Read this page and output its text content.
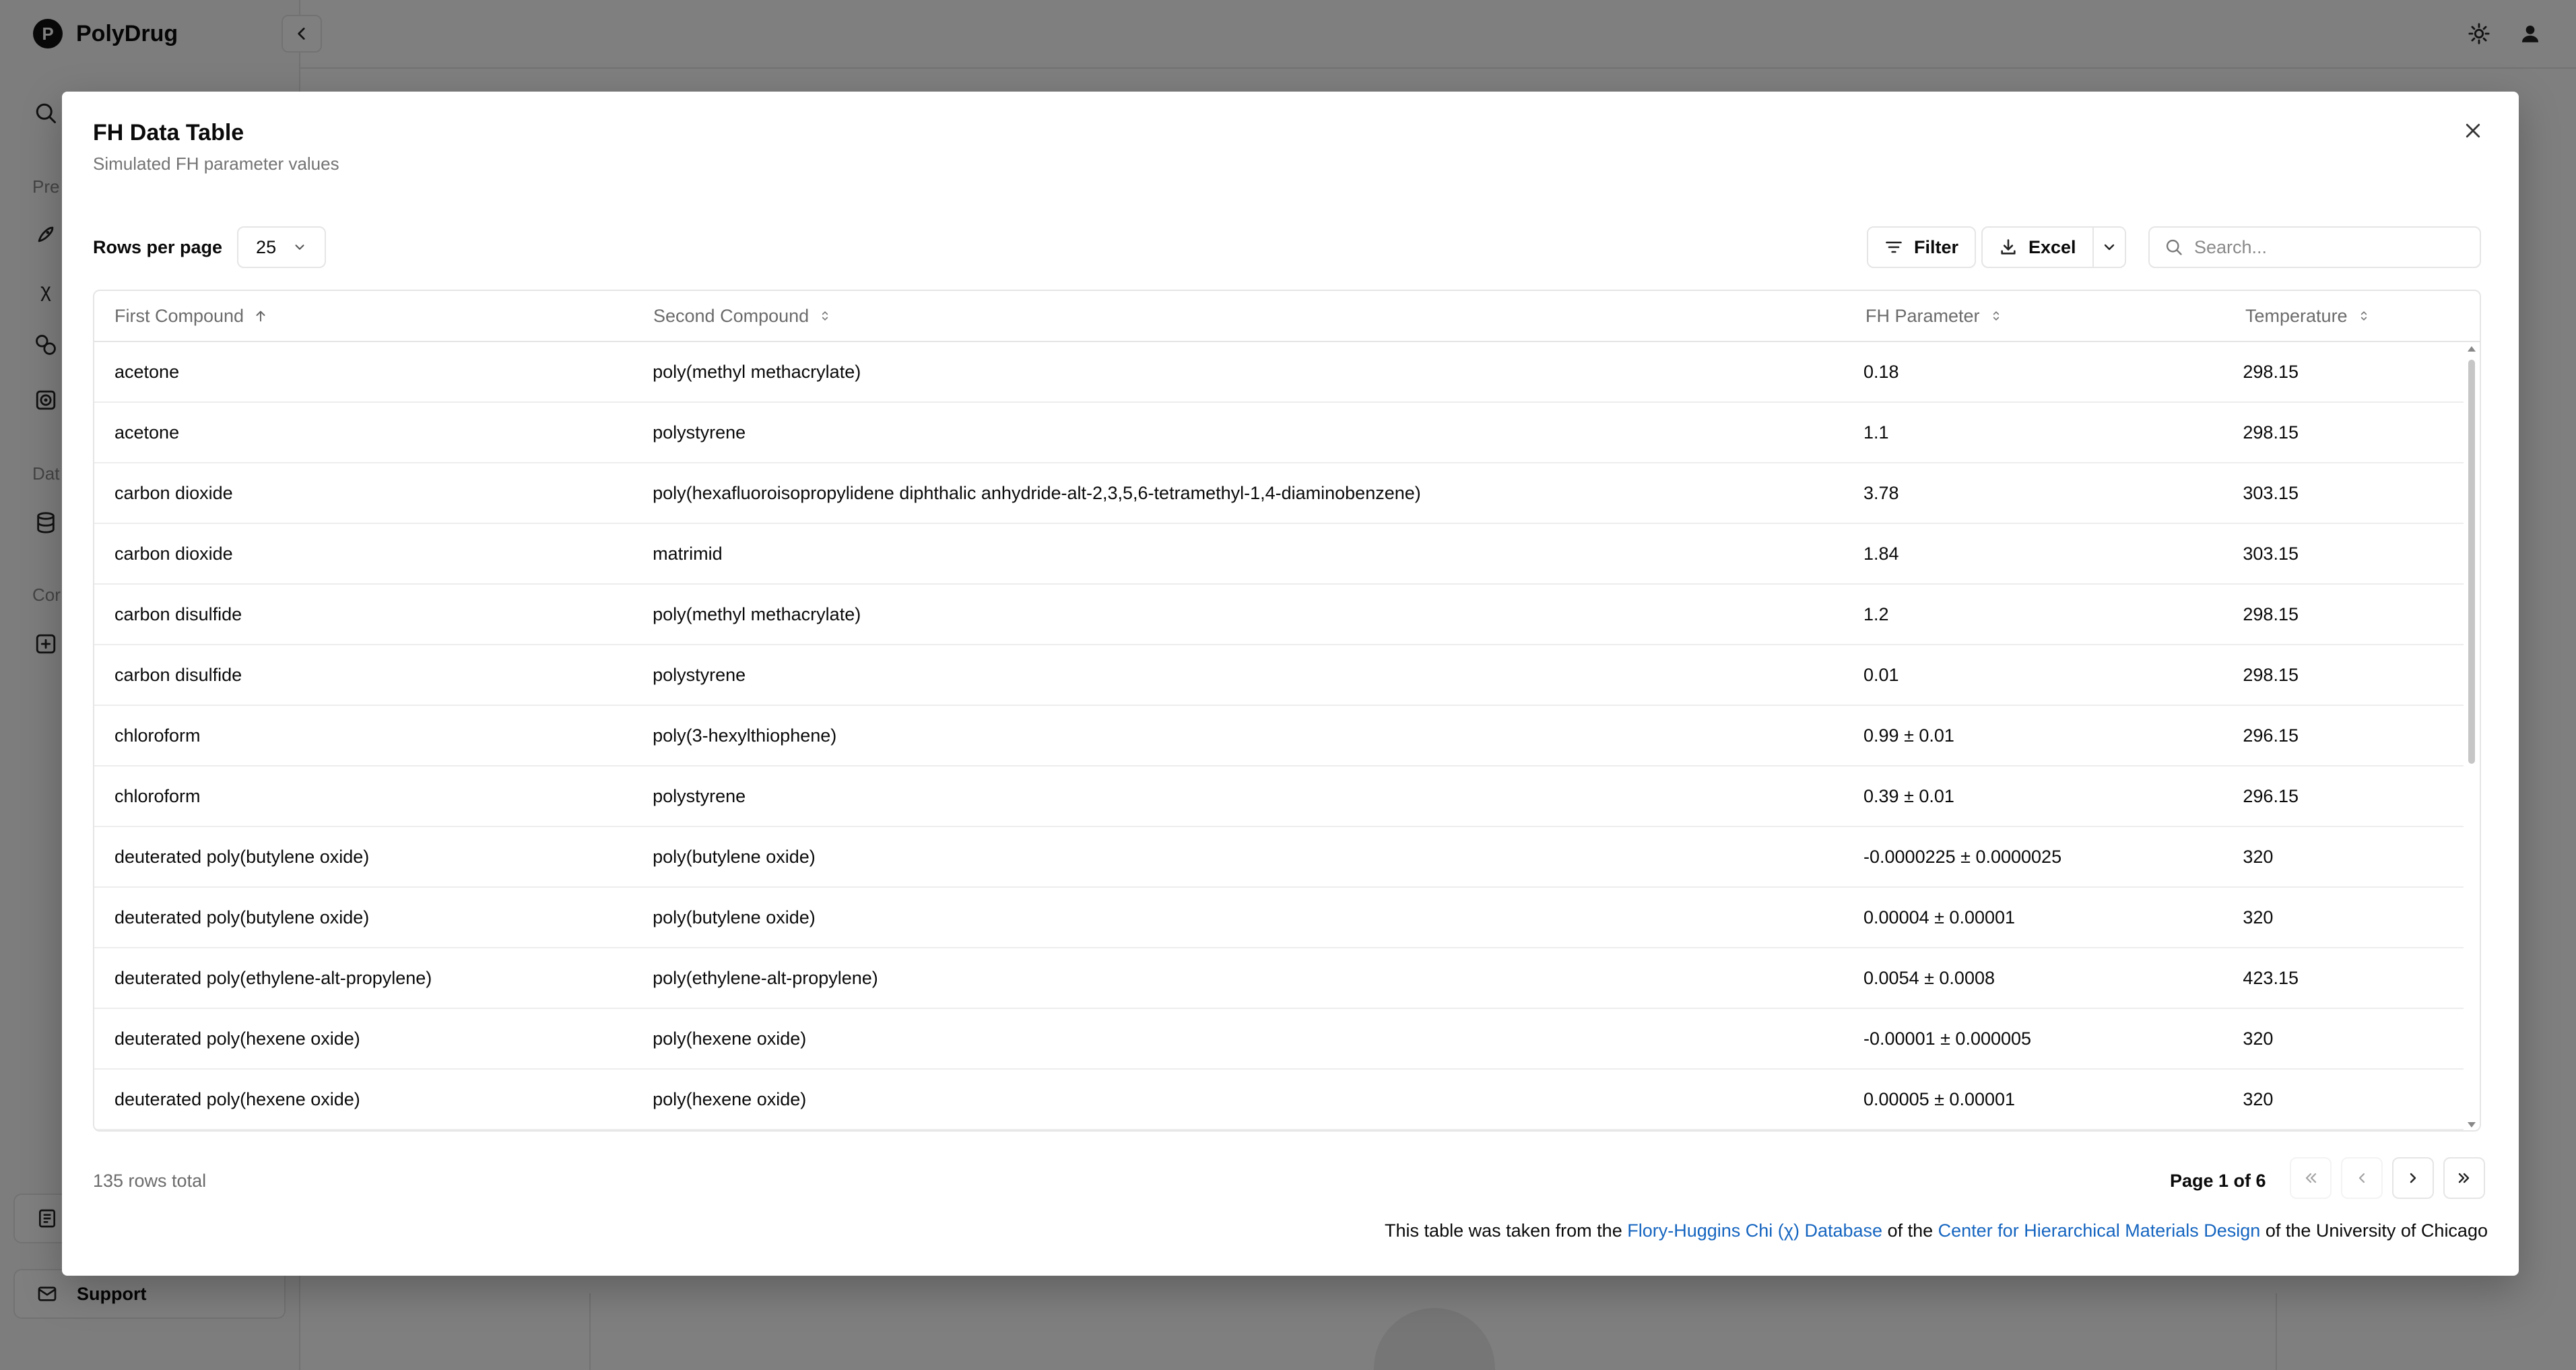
FH Data Table
Simulated FH parameter values
Rows per page 25	Filter	Excel
Search...
First Compound	Second Compound	FH Parameter	Temperature
acetone	poly(methyl methacrylate)	0.18	298.15
acetone	polystyrene	1.1	298.15
carbon dioxide	poly(hexafluoroisopropylidene diphthalic anhydride-alt-2,3,5,6-tetramethyl-1,4-diaminobenzene)	3.78	303.15
carbon dioxide	matrimid	1.84	303.15
carbon disulfide	poly(methyl methacrylate)	1.2	298.15
carbon disulfide	polystyrene	0.01	298.15
chloroform	poly(3-hexylthiophene)	0.99 ± 0.01	296.15
chloroform	polystyrene	0.39 ± 0.01	296.15
deuterated poly(butylene oxide)	poly(butylene oxide)	-0.0000225 ± 0.0000025	320
deuterated poly(butylene oxide)	poly(butylene oxide)	0.00004 ± 0.00001	320
deuterated poly(ethylene-alt-propylene)	poly(ethylene-alt-propylene)	0.0054 ± 0.0008	423.15
deuterated poly(hexene oxide)	poly(hexene oxide)	-0.00001 ± 0.000005	320
deuterated poly(hexene oxide)	poly(hexene oxide)	0.00005 ± 0.00001	320
135 rows total	Page 1 of 6
This table was taken from the Flory-Huggins Chi (χ) Database of the Center for Hierarchical Materials Design of the University of Chicago
